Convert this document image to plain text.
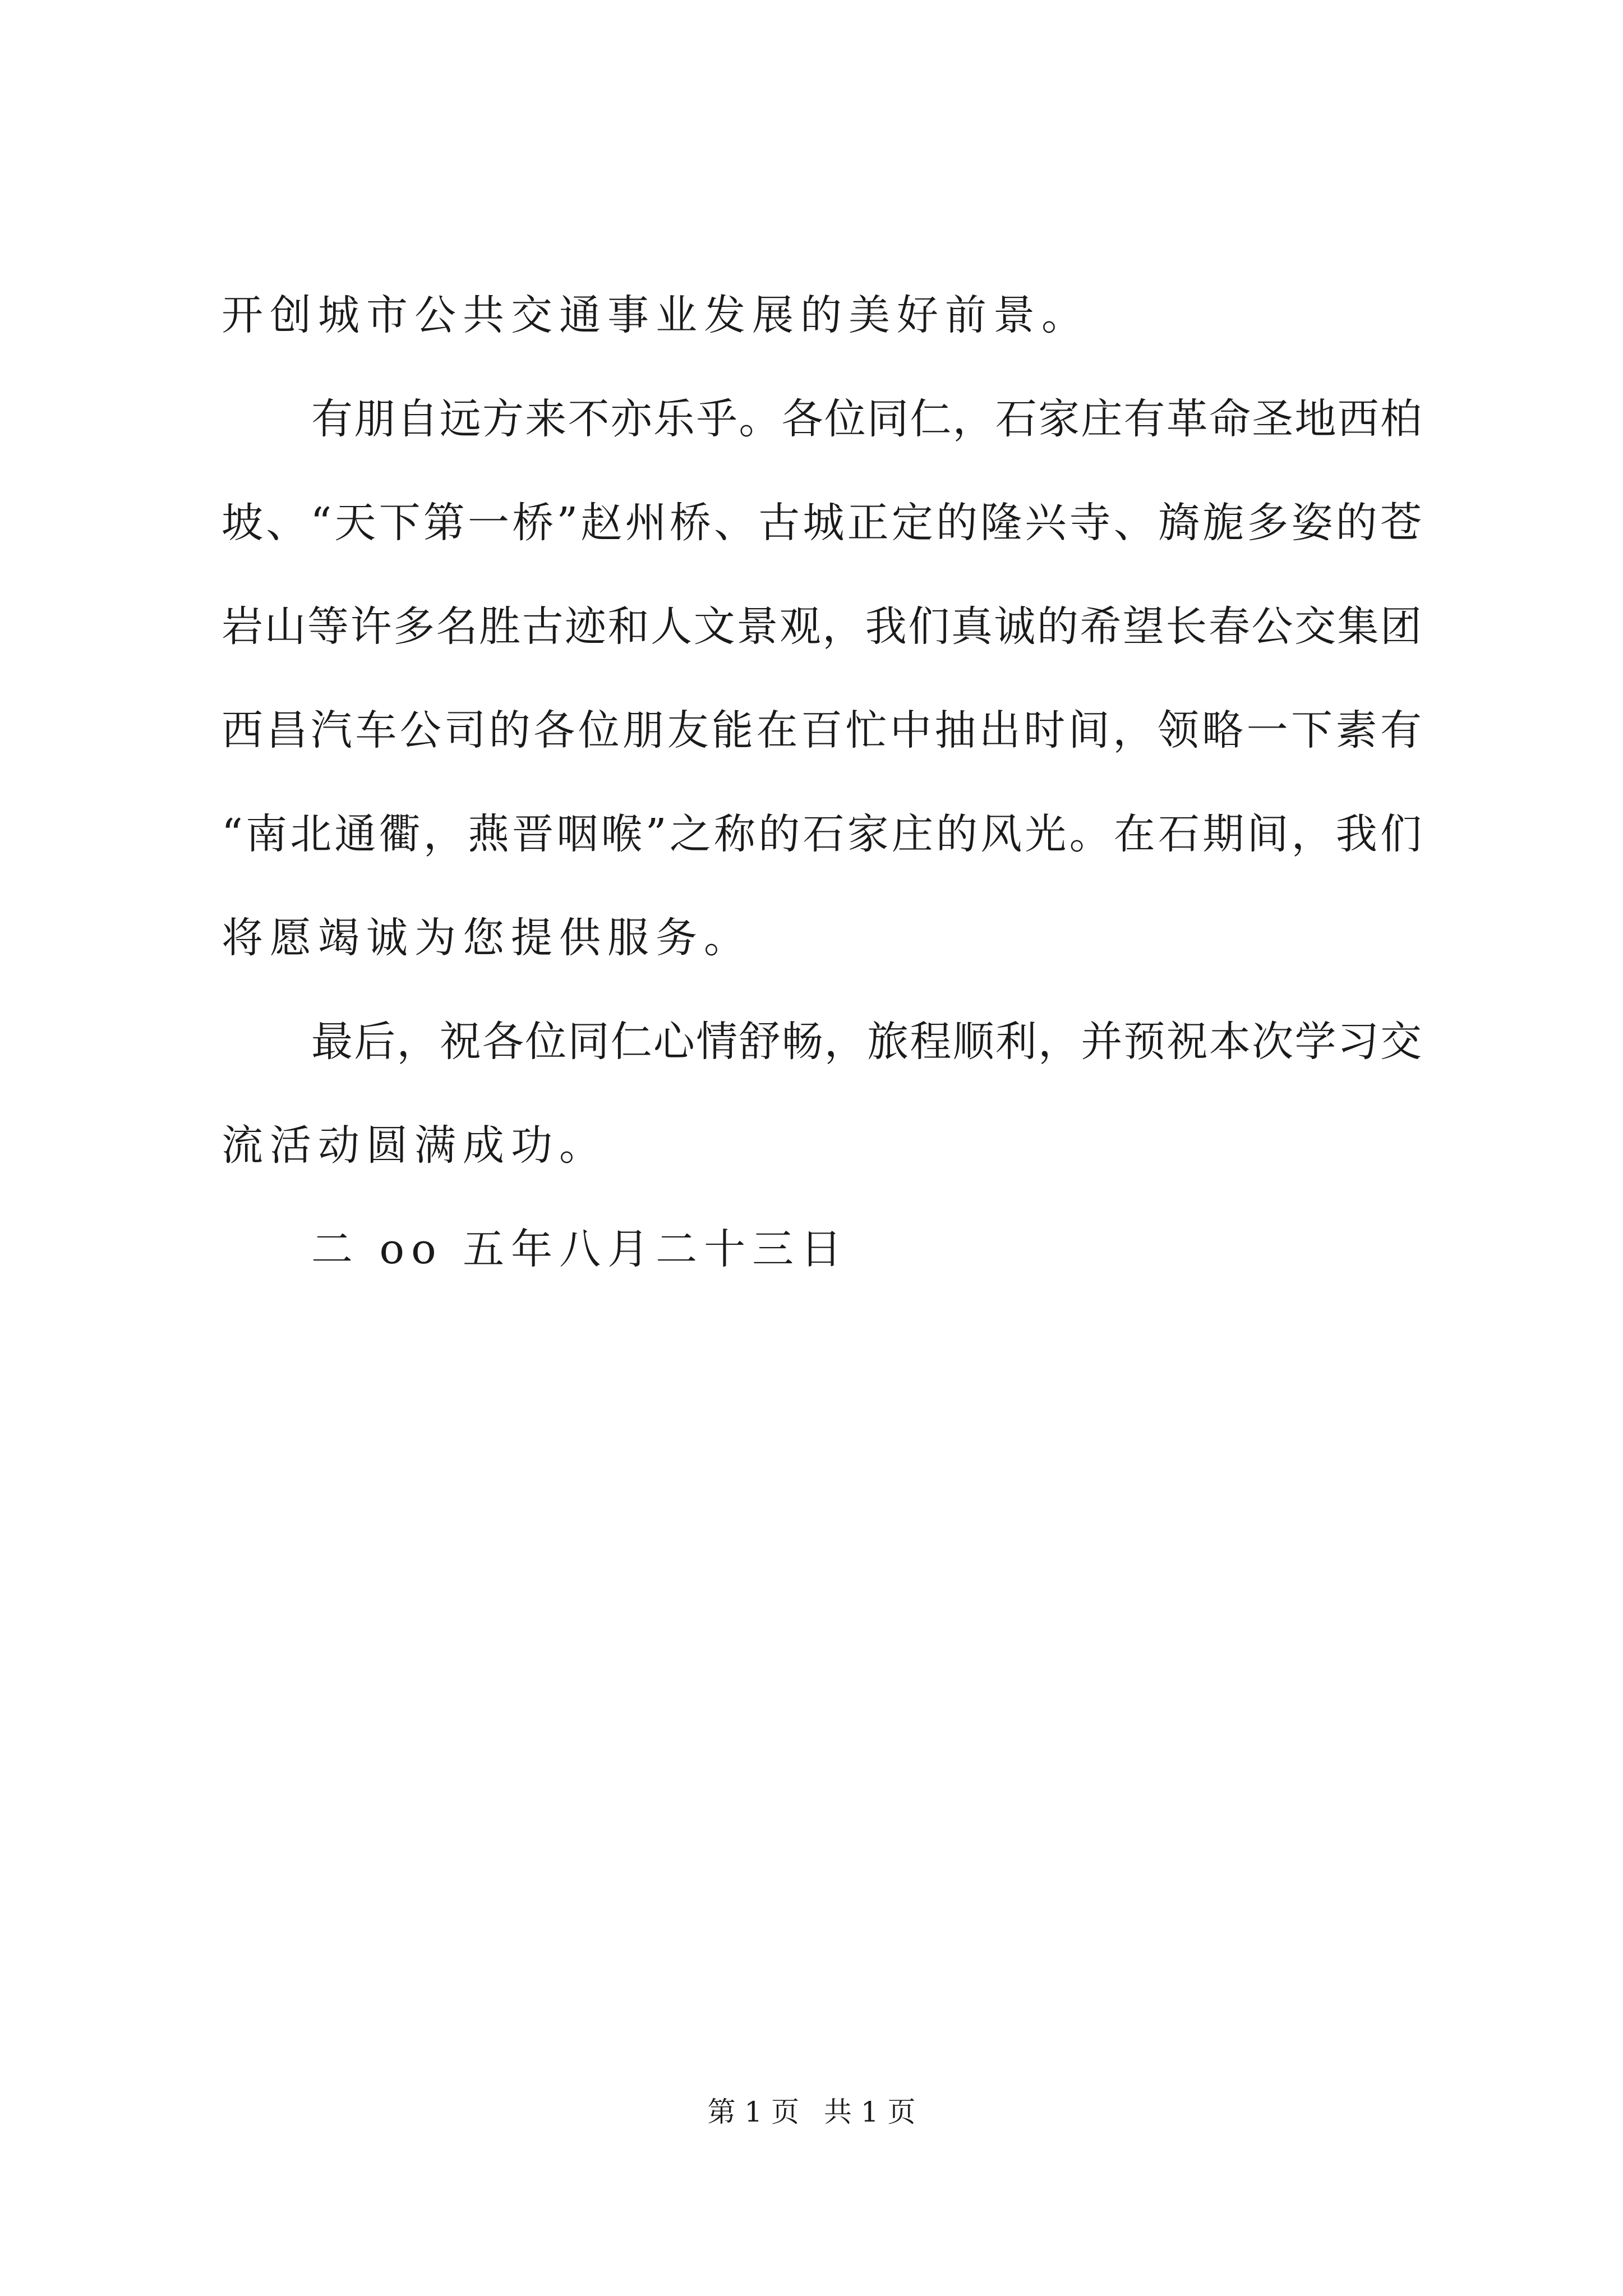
开创城市公共交通事业发展的美好前景。
有朋自远方来不亦乐乎。各位同仁，石家庄有革命圣地西柏
坡、“天下第一桥”赵州桥、古城正定的隆兴寺、旖旎多姿的苍
岩山等许多名胜古迹和人文景观，我们真诚的希望长春公交集团
西昌汽车公司的各位朋友能在百忙中抽出时间，领略一下素有
“南北通衢，燕晋咽喉”之称的石家庄的风光。在石期间，我们
将愿竭诚为您提供服务。
最后，祝各位同仁心情舒畅，旅程顺利，并预祝本次学习交
流活动圆满成功。
二 oo 五年八月二十三日
第 1 页 共 1 页
